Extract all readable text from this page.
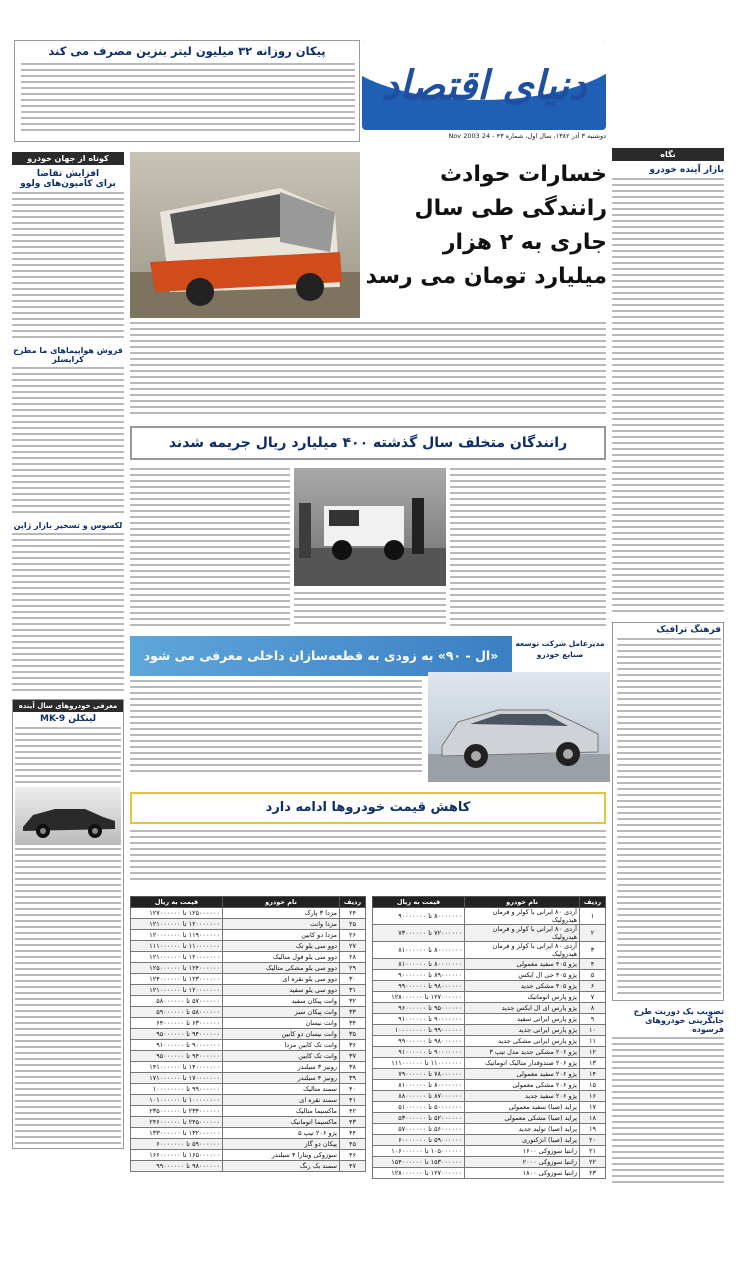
دنیای اقتصاد
دوشنبه ۳ آذر ۱۳۸۲، سال اول، شماره ۴۳ - 24 Nov 2003
پیکان روزانه ۳۲ میلیون لیتر بنزین مصرف می کند
نگاه
بازار آینده خودرو
فرهنگ ترافیک
تصویب یک دوریت طرح
جایگزینی خودروهای فرسوده
کوتاه از جهان خودرو
افزایش تقاضا
برای کامیون‌های ولوو
فروش هواپیماهای ما مطرح کرایسلر
لکسوس و تسخیر بازار ژاپن
معرفی خودروهای سال آینده
MK-9 لینکلن
خسارات حوادث رانندگی طی سال جاری به ۲ هزار میلیارد تومان می رسد
رانندگان متخلف سال گذشته ۴۰۰ میلیارد ریال جریمه شدند
«ال - ۹۰» به زودی به قطعه‌سازان داخلی معرفی می شود
مدیرعامل شرکت توسعه صنایع خودرو
کاهش قیمت خودروها ادامه دارد
ردیف	نام خودرو	قیمت به ریال
۱	آردی ۸۰ ایرانی با کولر و فرمان هیدرولیک	۸۰۰۰۰۰۰۰ تا ۹۰۰۰۰۰۰۰
۲	آردی ۸۰ ایرانی با کولر و فرمان هیدرولیک	۷۲۰۰۰۰۰۰ تا ۷۳۰۰۰۰۰۰
۳	آردی ۸۰ ایرانی با کولر و فرمان هیدرولیک	۸۰۰۰۰۰۰۰ تا ۸۱۰۰۰۰۰۰
۴	پژو ۴۰۵ سفید معمولی	۸۰۰۰۰۰۰۰ تا ۸۱۰۰۰۰۰۰
۵	پژو ۴۰۵ جی ال ایکس	۸۹۰۰۰۰۰۰ تا ۹۰۰۰۰۰۰۰
۶	پژو ۴۰۵ مشکی جدید	۹۸۰۰۰۰۰۰ تا ۹۹۰۰۰۰۰۰
۷	پژو پارس اتوماتیک	۱۲۷۰۰۰۰۰۰ تا ۱۲۸۰۰۰۰۰۰
۸	پژو پارس ای ال ایکس جدید	۹۵۰۰۰۰۰۰ تا ۹۶۰۰۰۰۰۰
۹	پژو پارس ایرانی سفید	۹۰۰۰۰۰۰۰ تا ۹۱۰۰۰۰۰۰
۱۰	پژو پارس ایرانی جدید	۹۹۰۰۰۰۰۰ تا ۱۰۰۰۰۰۰۰۰
۱۱	پژو پارس ایرانی مشکی جدید	۹۸۰۰۰۰۰۰ تا ۹۹۰۰۰۰۰۰
۱۲	پژو ۲۰۶ مشکی جدید مدل تیپ ۳	۹۰۰۰۰۰۰۰ تا ۹۱۰۰۰۰۰۰
۱۳	پژو ۲۰۶ صندوقدار متالیک اتوماتیک	۱۱۰۰۰۰۰۰۰ تا ۱۱۱۰۰۰۰۰۰
۱۴	پژو ۲۰۶ سفید معمولی	۷۸۰۰۰۰۰۰ تا ۷۹۰۰۰۰۰۰
۱۵	پژو ۲۰۶ مشکی معمولی	۸۰۰۰۰۰۰۰ تا ۸۱۰۰۰۰۰۰
۱۶	پژو ۲۰۶ سفید جدید	۸۷۰۰۰۰۰۰ تا ۸۸۰۰۰۰۰۰
۱۷	پراید (صبا) سفید معمولی	۵۰۰۰۰۰۰۰ تا ۵۱۰۰۰۰۰۰
۱۸	پراید (صبا) مشکی معمولی	۵۲۰۰۰۰۰۰ تا ۵۳۰۰۰۰۰۰
۱۹	پراید (صبا) تولید جدید	۵۶۰۰۰۰۰۰ تا ۵۷۰۰۰۰۰۰
۲۰	پراید (صبا) انژکتوری	۵۹۰۰۰۰۰۰ تا ۶۰۰۰۰۰۰۰
۲۱	زانتیا سوزوکی ۱۶۰۰	۱۰۵۰۰۰۰۰۰ تا ۱۰۶۰۰۰۰۰۰
۲۲	زانتیا سوزوکی ۲۰۰۰	۱۵۳۰۰۰۰۰۰ تا ۱۵۴۰۰۰۰۰۰
۲۳	زانتیا سوزوکی ۱۸۰۰	۱۲۷۰۰۰۰۰۰ تا ۱۲۸۰۰۰۰۰۰
ردیف	نام خودرو	قیمت به ریال
۲۴	مزدا ۳ پارک	۱۲۵۰۰۰۰۰۰ تا ۱۲۷۰۰۰۰۰۰
۲۵	مزدا وانت	۱۲۰۰۰۰۰۰۰ تا ۱۲۱۰۰۰۰۰۰
۲۶	مزدا دو کابین	۱۱۹۰۰۰۰۰۰ تا ۱۲۰۰۰۰۰۰۰
۲۷	دوو سی یلو تک	۱۱۰۰۰۰۰۰۰ تا ۱۱۱۰۰۰۰۰۰
۲۸	دوو سی یلو فول متالیک	۱۲۰۰۰۰۰۰۰ تا ۱۲۱۰۰۰۰۰۰
۲۹	دوو سی یلو مشکی متالیک	۱۲۴۰۰۰۰۰۰ تا ۱۲۵۰۰۰۰۰۰
۳۰	دوو سی یلو نقره ای	۱۲۳۰۰۰۰۰۰ تا ۱۲۴۰۰۰۰۰۰
۳۱	دوو سی یلو سفید	۱۲۰۰۰۰۰۰۰ تا ۱۲۱۰۰۰۰۰۰
۳۲	وانت پیکان سفید	۵۷۰۰۰۰۰۰ تا ۵۸۰۰۰۰۰۰
۳۳	وانت پیکان سبز	۵۸۰۰۰۰۰۰ تا ۵۹۰۰۰۰۰۰
۳۴	وانت نیسان	۶۳۰۰۰۰۰۰ تا ۶۴۰۰۰۰۰۰
۳۵	وانت نیسان دو کابین	۹۴۰۰۰۰۰۰ تا ۹۵۰۰۰۰۰۰
۳۶	وانت تک کابین مزدا	۹۰۰۰۰۰۰۰ تا ۹۱۰۰۰۰۰۰
۳۷	وانت تک کابین	۹۴۰۰۰۰۰۰ تا ۹۵۰۰۰۰۰۰
۳۸	رونیز ۳ سیلندر	۱۴۰۰۰۰۰۰۰ تا ۱۴۱۰۰۰۰۰۰
۳۹	رونیز ۴ سیلندر	۱۷۰۰۰۰۰۰۰ تا ۱۷۱۰۰۰۰۰۰
۴۰	سمند متالیک	۹۹۰۰۰۰۰۰ تا ۱۰۰۰۰۰۰۰۰
۴۱	سمند نقره ای	۱۰۰۰۰۰۰۰۰ تا ۱۰۱۰۰۰۰۰۰
۴۲	ماکسیما متالیک	۲۳۴۰۰۰۰۰۰ تا ۲۳۵۰۰۰۰۰۰
۴۳	ماکسیما اتوماتیک	۲۴۵۰۰۰۰۰۰ تا ۲۴۶۰۰۰۰۰۰
۴۴	پژو ۲۰۶ تیپ ۵	۱۳۲۰۰۰۰۰۰ تا ۱۳۳۰۰۰۰۰۰
۴۵	پیکان دو گاز	۵۹۰۰۰۰۰۰ تا ۶۰۰۰۰۰۰۰
۴۶	سوزوکی ویتارا ۴ سیلندر	۱۶۵۰۰۰۰۰۰ تا ۱۶۶۰۰۰۰۰۰
۴۷	سمند بک رنگ	۹۸۰۰۰۰۰۰ تا ۹۹۰۰۰۰۰۰
